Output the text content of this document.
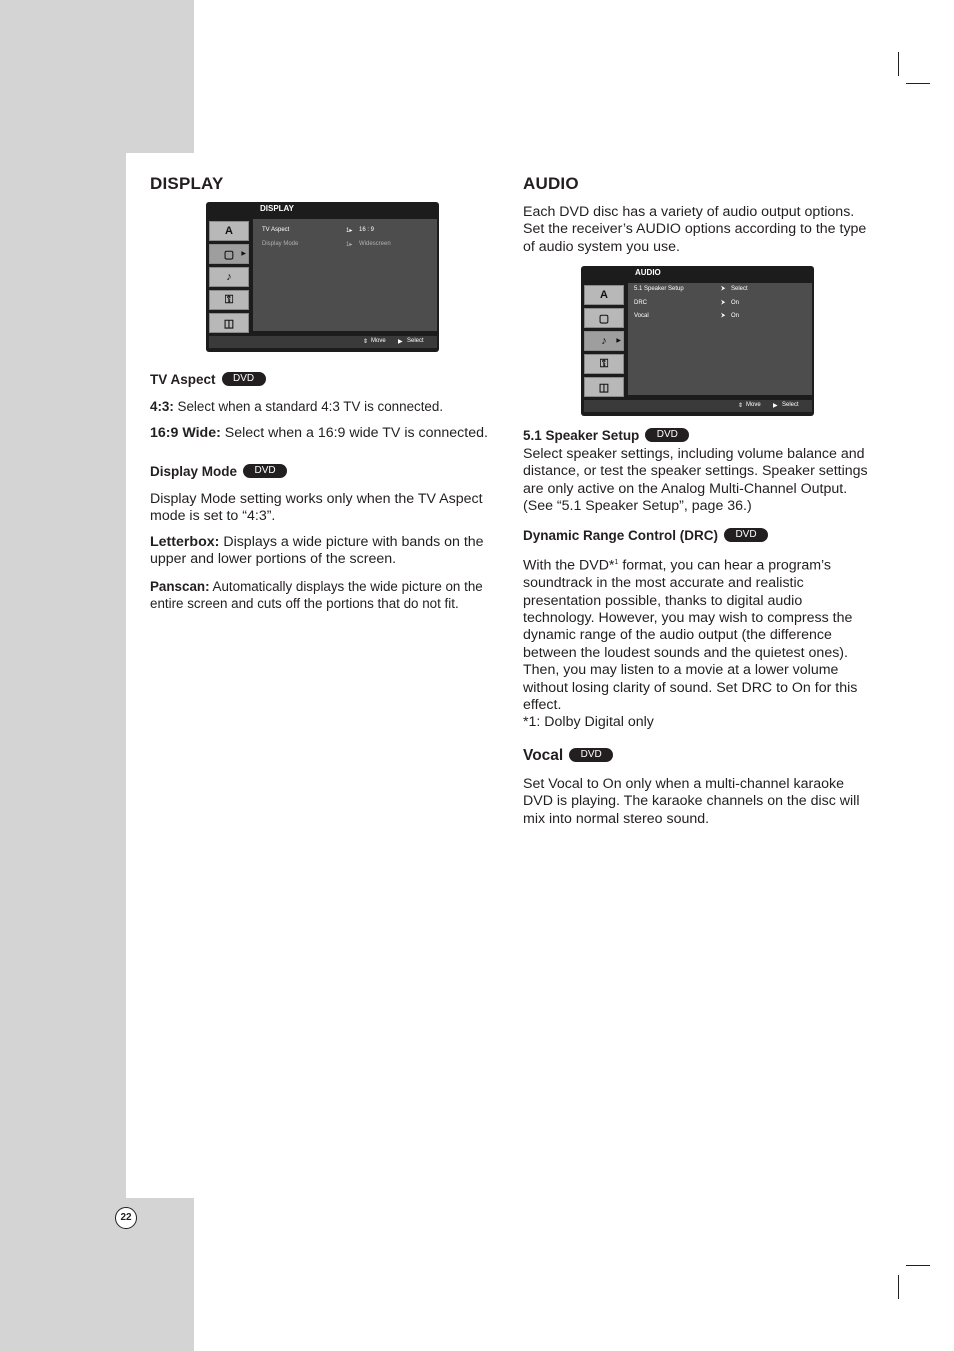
22
DISPLAY
DISPLAY
A
▢ ▶
♪
⚿
◫
TV Aspect	1▸ 16 : 9
Display Mode	1▸ Widescreen
⇕ Move ▶ Select
TV Aspect DVD

4:3: Select when a standard 4:3 TV is connected.

16:9 Wide: Select when a 16:9 wide TV is connected.

Display Mode DVD

Display Mode setting works only when the TV Aspect mode is set to “4:3”.

Letterbox: Displays a wide picture with bands on the upper and lower portions of the screen.

Panscan: Automatically displays the wide picture on the entire screen and cuts off the portions that do not fit.

AUDIO

Each DVD disc has a variety of audio output options. Set the receiver’s AUDIO options according to the type of audio system you use.

AUDIO
A
▢
♪ ▶
⚿
◫
5.1 Speaker Setup	⮞ Select
DRC	⮞ On
Vocal	⮞ On
⇕ Move ▶ Select
5.1 Speaker Setup DVD

Select speaker settings, including volume balance and distance, or test the speaker settings. Speaker settings are only active on the Analog Multi-Channel Output. (See “5.1 Speaker Setup”, page 36.)

Dynamic Range Control (DRC) DVD

With the DVD*$^1$ format, you can hear a program’s soundtrack in the most accurate and realistic presentation possible, thanks to digital audio technology. However, you may wish to compress the dynamic range of the audio output (the difference between the loudest sounds and the quietest ones). Then, you may listen to a movie at a lower volume without losing clarity of sound. Set DRC to On for this effect.
*1: Dolby Digital only

Vocal DVD

Set Vocal to On only when a multi-channel karaoke DVD is playing. The karaoke channels on the disc will mix into normal stereo sound.
